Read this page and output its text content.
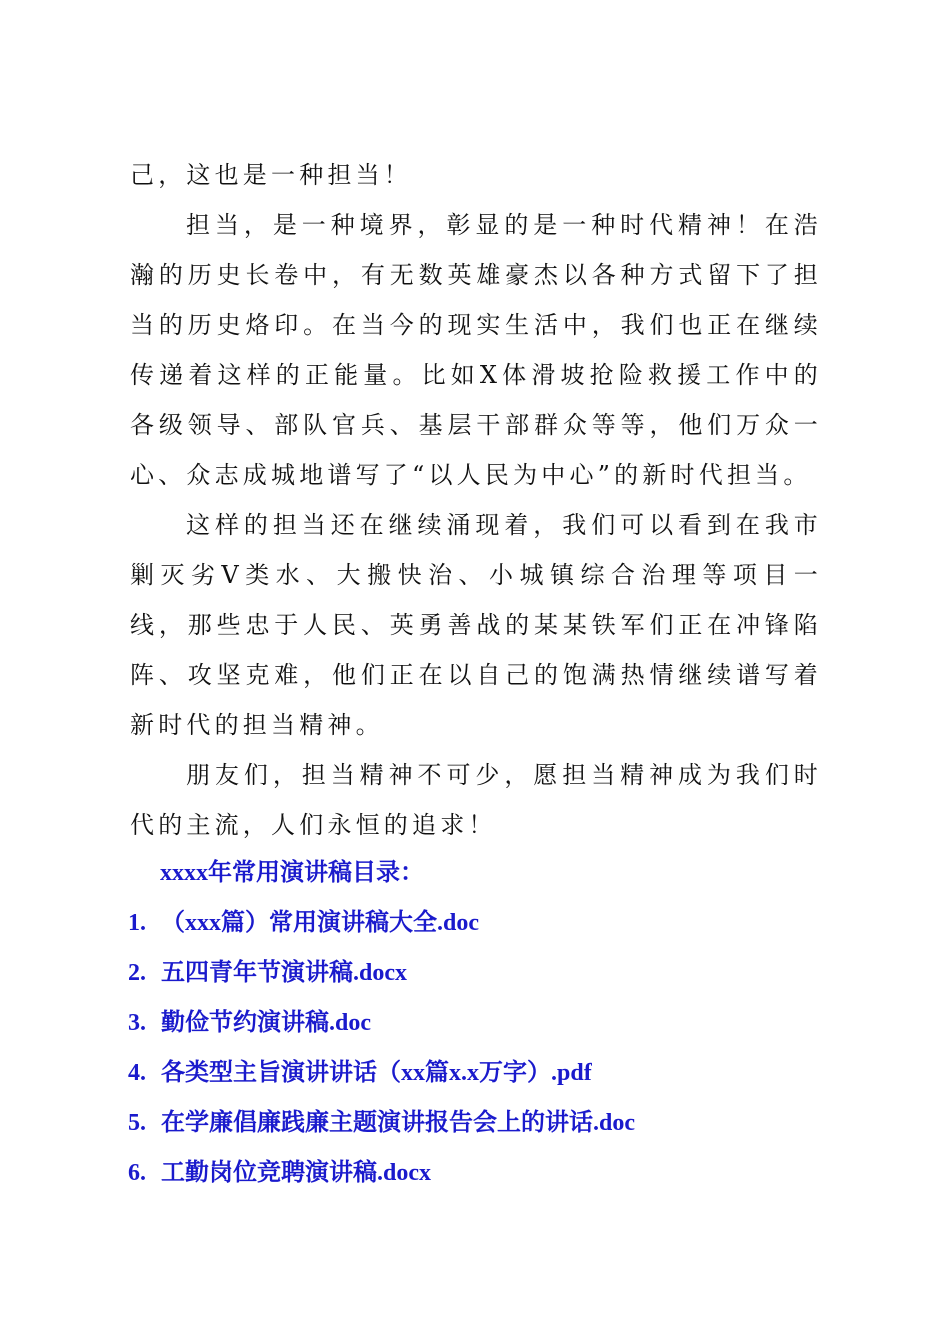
己，这也是一种担当！

担当，是一种境界，彰显的是一种时代精神！在浩瀚的历史长卷中，有无数英雄豪杰以各种方式留下了担当的历史烙印。在当今的现实生活中，我们也正在继续传递着这样的正能量。比如X体滑坡抢险救援工作中的各级领导、部队官兵、基层干部群众等等，他们万众一心、众志成城地谱写了“以人民为中心”的新时代担当。

这样的担当还在继续涌现着，我们可以看到在我市剿灭劣V类水、大搬快治、小城镇综合治理等项目一线，那些忠于人民、英勇善战的某某铁军们正在冲锋陷阵、攻坚克难，他们正在以自己的饱满热情继续谱写着新时代的担当精神。

朋友们，担当精神不可少，愿担当精神成为我们时代的主流，人们永恒的追求！

xxxx年常用演讲稿目录：

1. （xxx篇）常用演讲稿大全.doc
2. 五四青年节演讲稿.docx
3. 勤俭节约演讲稿.doc
4. 各类型主旨演讲讲话（xx篇x.x万字）.pdf
5. 在学廉倡廉践廉主题演讲报告会上的讲话.doc
6. 工勤岗位竞聘演讲稿.docx
